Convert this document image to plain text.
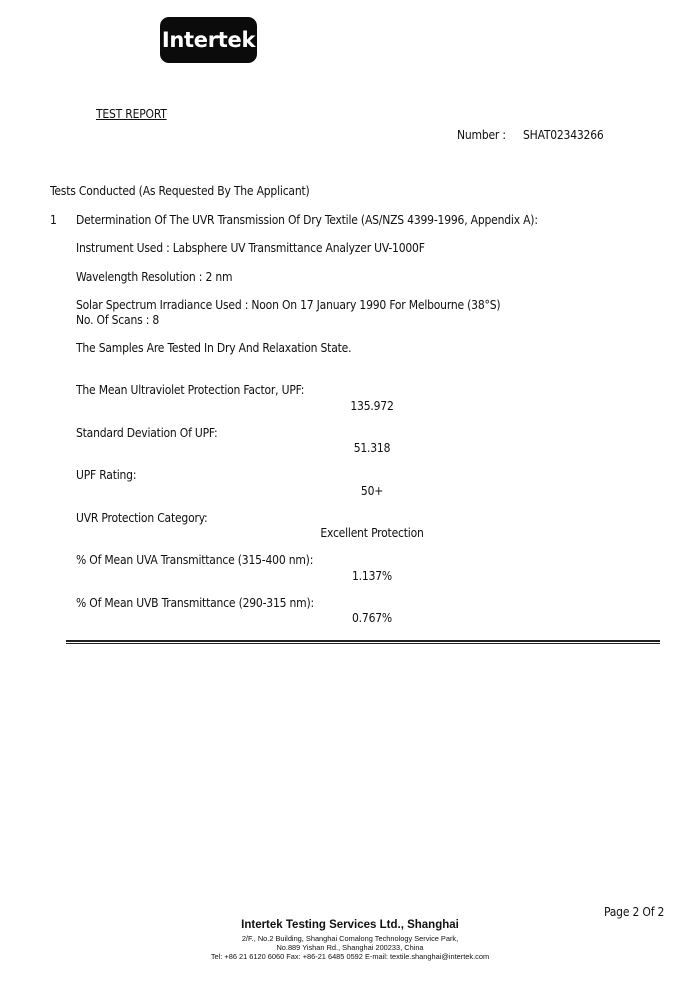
Intertek
TEST REPORT
Number : SHAT02343266
Tests Conducted (As Requested By The Applicant)
1 Determination Of The UVR Transmission Of Dry Textile (AS/NZS 4399-1996, Appendix A):
Instrument Used : Labsphere UV Transmittance Analyzer UV-1000F
Wavelength Resolution : 2 nm
Solar Spectrum Irradiance Used : Noon On 17 January 1990 For Melbourne (38°S)
No. Of Scans : 8
The Samples Are Tested In Dry And Relaxation State.
The Mean Ultraviolet Protection Factor, UPF:
135.972
Standard Deviation Of UPF:
51.318
UPF Rating:
50+
UVR Protection Category:
Excellent Protection
% Of Mean UVA Transmittance (315-400 nm):
1.137%
% Of Mean UVB Transmittance (290-315 nm):
0.767%
Page 2 Of 2
Intertek Testing Services Ltd., Shanghai
2/F., No.2 Building, Shanghai Comalong Technology Service Park,
No.889 Yishan Rd., Shanghai 200233, China
Tel: +86 21 6120 6060 Fax: +86-21 6485 0592 E-mail: textile.shanghai@intertek.com
